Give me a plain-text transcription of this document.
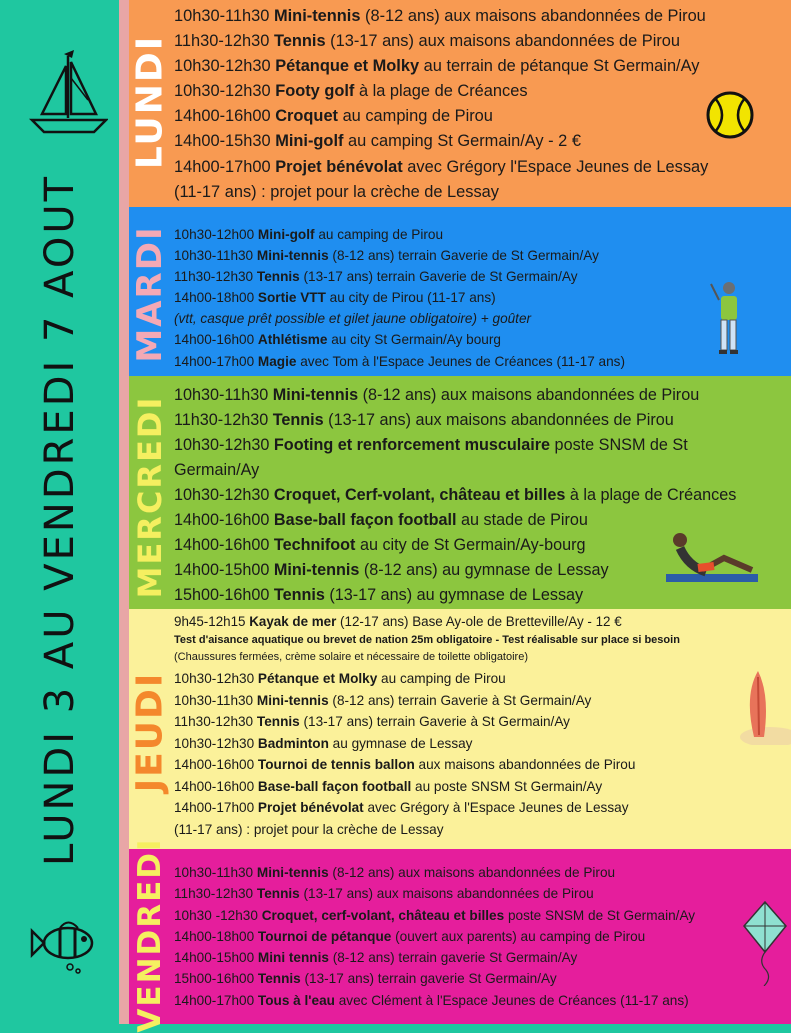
LUNDI 3 AU VENDREDI 7 AOUT
LUNDI
10h30-11h30 Mini-tennis (8-12 ans) aux maisons abandonnées de Pirou
11h30-12h30 Tennis (13-17 ans) aux maisons abandonnées de Pirou
10h30-12h30 Pétanque et Molky au terrain de pétanque St Germain/Ay
10h30-12h30 Footy golf à la plage de Créances
14h00-16h00 Croquet au camping de Pirou
14h00-15h30 Mini-golf au camping St Germain/Ay - 2 €
14h00-17h00 Projet bénévolat avec Grégory l'Espace Jeunes de Lessay
(11-17 ans) : projet pour la crèche de Lessay
MARDI 10h30-12h00 Mini-golf au camping de Pirou
10h30-11h30 Mini-tennis (8-12 ans) terrain Gaverie de St Germain/Ay
11h30-12h30 Tennis (13-17 ans) terrain Gaverie de St Germain/Ay
14h00-18h00 Sortie VTT au city de Pirou (11-17 ans)
(vtt, casque prêt possible et gilet jaune obligatoire) + goûter
14h00-16h00 Athlétisme au city St Germain/Ay bourg
14h00-17h00 Magie avec Tom à l'Espace Jeunes de Créances (11-17 ans)
MERCREDI
10h30-11h30 Mini-tennis (8-12 ans) aux maisons abandonnées de Pirou
11h30-12h30 Tennis (13-17 ans) aux maisons abandonnées de Pirou
10h30-12h30 Footing et renforcement musculaire poste SNSM de St
Germain/Ay
10h30-12h30 Croquet, Cerf-volant, château et billes à la plage de Créances
14h00-16h00 Base-ball façon football au stade de Pirou
14h00-16h00 Technifoot au city de St Germain/Ay-bourg
14h00-15h00 Mini-tennis (8-12 ans) au gymnase de Lessay
15h00-16h00 Tennis (13-17 ans) au gymnase de Lessay
JEUDI
9h45-12h15 Kayak de mer (12-17 ans) Base Ay-ole de Bretteville/Ay - 12 €
Test d'aisance aquatique ou brevet de nation 25m obligatoire - Test réalisable sur place si besoin
(Chaussures fermées, crème solaire et nécessaire de toilette obligatoire)
10h30-12h30 Pétanque et Molky au camping de Pirou
10h30-11h30 Mini-tennis (8-12 ans) terrain Gaverie à St Germain/Ay
11h30-12h30 Tennis (13-17 ans) terrain Gaverie à St Germain/Ay
10h30-12h30 Badminton au gymnase de Lessay
14h00-16h00 Tournoi de tennis ballon aux maisons abandonnées de Pirou
14h00-16h00 Base-ball façon football au poste SNSM St Germain/Ay
14h00-17h00 Projet bénévolat avec Grégory à l'Espace Jeunes de Lessay
(11-17 ans) : projet pour la crèche de Lessay
VENDREDI 10h30-11h30 Mini-tennis (8-12 ans) aux maisons abandonnées de Pirou
11h30-12h30 Tennis (13-17 ans) aux maisons abandonnées de Pirou
10h30 -12h30 Croquet, cerf-volant, château et billes poste SNSM de St Germain/Ay
14h00-18h00 Tournoi de pétanque (ouvert aux parents) au camping de Pirou
14h00-15h00 Mini tennis (8-12 ans) terrain gaverie St Germain/Ay
15h00-16h00 Tennis (13-17 ans) terrain gaverie St Germain/Ay
14h00-17h00 Tous à l'eau avec Clément à l'Espace Jeunes de Créances (11-17 ans)
